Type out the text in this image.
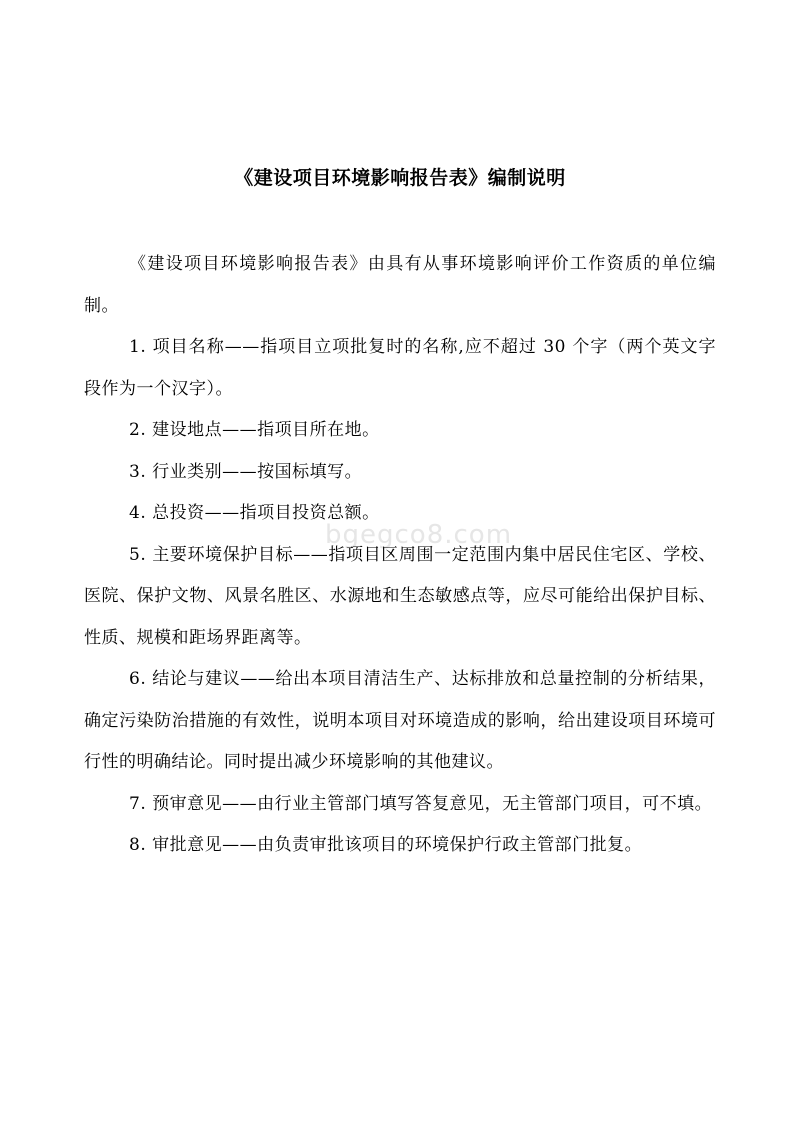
《建设项目环境影响报告表》编制说明
bgegco8.com

《建设项目环境影响报告表》由具有从事环境影响评价工作资质的单位编制。

1. 项目名称——指项目立项批复时的名称,应不超过 30 个字（两个英文字段作为一个汉字）。

2. 建设地点——指项目所在地。

3. 行业类别——按国标填写。

4. 总投资——指项目投资总额。

5. 主要环境保护目标——指项目区周围一定范围内集中居民住宅区、学校、医院、保护文物、风景名胜区、水源地和生态敏感点等，应尽可能给出保护目标、性质、规模和距场界距离等。

6. 结论与建议——给出本项目清洁生产、达标排放和总量控制的分析结果，确定污染防治措施的有效性，说明本项目对环境造成的影响，给出建设项目环境可行性的明确结论。同时提出减少环境影响的其他建议。

7. 预审意见——由行业主管部门填写答复意见，无主管部门项目，可不填。

8. 审批意见——由负责审批该项目的环境保护行政主管部门批复。
